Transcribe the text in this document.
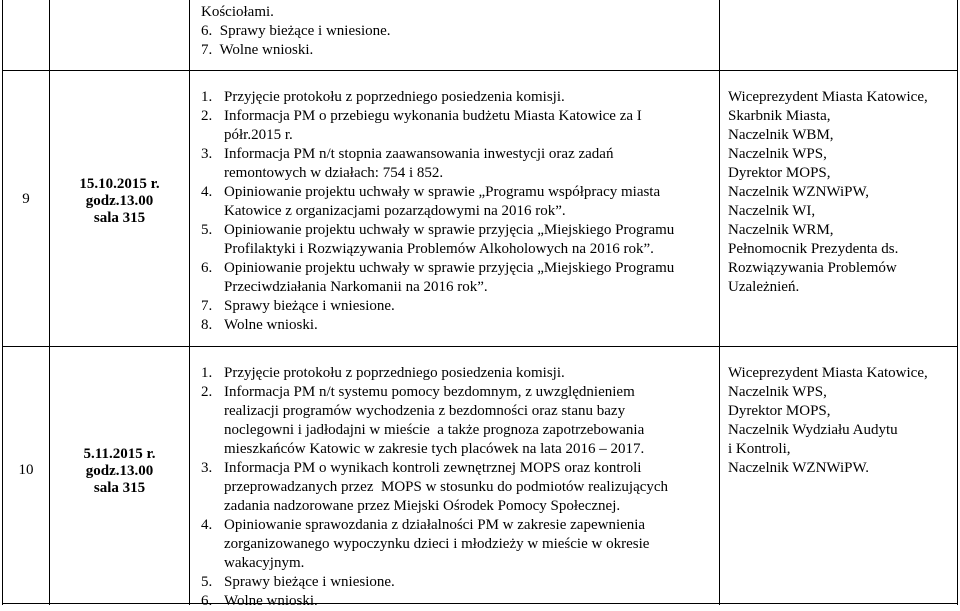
Kościołami.
6.  Sprawy bieżące i wniesione.
7.  Wolne wnioski.
9
15.10.2015 r.
godz.13.00
sala 315
1. Przyjęcie protokołu z poprzedniego posiedzenia komisji.
2. Informacja PM o przebiegu wykonania budżetu Miasta Katowice za I
półr.2015 r.
3. Informacja PM n/t stopnia zaawansowania inwestycji oraz zadań
remontowych w działach: 754 i 852.
4. Opiniowanie projektu uchwały w sprawie „Programu współpracy miasta
Katowice z organizacjami pozarządowymi na 2016 rok”.
5. Opiniowanie projektu uchwały w sprawie przyjęcia „Miejskiego Programu
Profilaktyki i Rozwiązywania Problemów Alkoholowych na 2016 rok”.
6. Opiniowanie projektu uchwały w sprawie przyjęcia „Miejskiego Programu
Przeciwdziałania Narkomanii na 2016 rok”.
7. Sprawy bieżące i wniesione.
8. Wolne wnioski.
Wiceprezydent Miasta Katowice,
Skarbnik Miasta,
Naczelnik WBM,
Naczelnik WPS,
Dyrektor MOPS,
Naczelnik WZNWiPW,
Naczelnik WI,
Naczelnik WRM,
Pełnomocnik Prezydenta ds.
Rozwiązywania Problemów
Uzależnień.
10
5.11.2015 r.
godz.13.00
sala 315
1. Przyjęcie protokołu z poprzedniego posiedzenia komisji.
2. Informacja PM n/t systemu pomocy bezdomnym, z uwzględnieniem
realizacji programów wychodzenia z bezdomności oraz stanu bazy
noclegowni i jadłodajni w mieście  a także prognoza zapotrzebowania
mieszkańców Katowic w zakresie tych placówek na lata 2016 – 2017.
3. Informacja PM o wynikach kontroli zewnętrznej MOPS oraz kontroli
przeprowadzanych przez  MOPS w stosunku do podmiotów realizujących
zadania nadzorowane przez Miejski Ośrodek Pomocy Społecznej.
4. Opiniowanie sprawozdania z działalności PM w zakresie zapewnienia
zorganizowanego wypoczynku dzieci i młodzieży w mieście w okresie
wakacyjnym.
5. Sprawy bieżące i wniesione.
6. Wolne wnioski.
Wiceprezydent Miasta Katowice,
Naczelnik WPS,
Dyrektor MOPS,
Naczelnik Wydziału Audytu
i Kontroli,
Naczelnik WZNWiPW.
